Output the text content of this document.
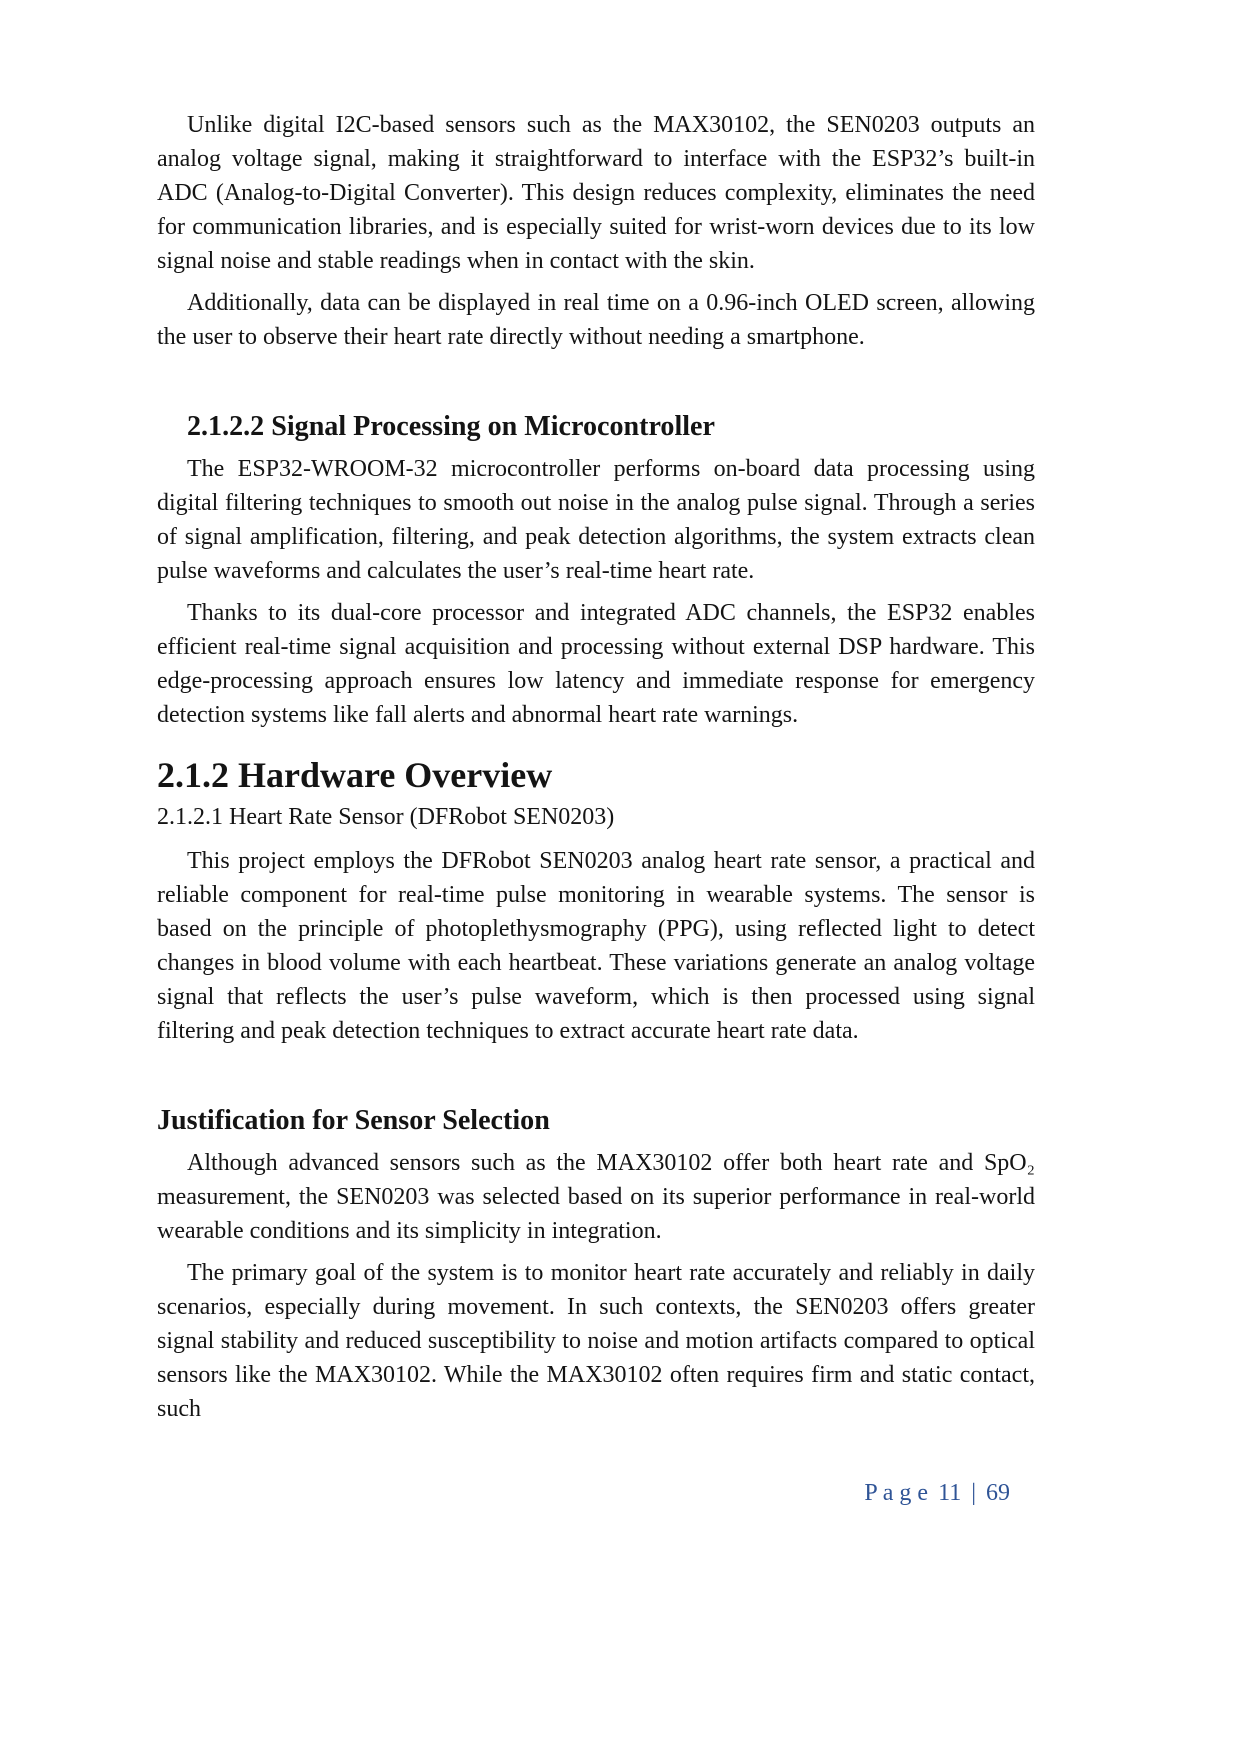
Unlike digital I2C-based sensors such as the MAX30102, the SEN0203 outputs an analog voltage signal, making it straightforward to interface with the ESP32’s built-in ADC (Analog-to-Digital Converter). This design reduces complexity, eliminates the need for communication libraries, and is especially suited for wrist-worn devices due to its low signal noise and stable readings when in contact with the skin.

Additionally, data can be displayed in real time on a 0.96-inch OLED screen, allowing the user to observe their heart rate directly without needing a smartphone.

2.1.2.2 Signal Processing on Microcontroller

The ESP32-WROOM-32 microcontroller performs on-board data processing using digital filtering techniques to smooth out noise in the analog pulse signal. Through a series of signal amplification, filtering, and peak detection algorithms, the system extracts clean pulse waveforms and calculates the user’s real-time heart rate.

Thanks to its dual-core processor and integrated ADC channels, the ESP32 enables efficient real-time signal acquisition and processing without external DSP hardware. This edge-processing approach ensures low latency and immediate response for emergency detection systems like fall alerts and abnormal heart rate warnings.

2.1.2 Hardware Overview
2.1.2.1 Heart Rate Sensor (DFRobot SEN0203)

This project employs the DFRobot SEN0203 analog heart rate sensor, a practical and reliable component for real-time pulse monitoring in wearable systems. The sensor is based on the principle of photoplethysmography (PPG), using reflected light to detect changes in blood volume with each heartbeat. These variations generate an analog voltage signal that reflects the user’s pulse waveform, which is then processed using signal filtering and peak detection techniques to extract accurate heart rate data.

Justification for Sensor Selection

Although advanced sensors such as the MAX30102 offer both heart rate and SpO₂ measurement, the SEN0203 was selected based on its superior performance in real-world wearable conditions and its simplicity in integration.

The primary goal of the system is to monitor heart rate accurately and reliably in daily scenarios, especially during movement. In such contexts, the SEN0203 offers greater signal stability and reduced susceptibility to noise and motion artifacts compared to optical sensors like the MAX30102. While the MAX30102 often requires firm and static contact, such

P a g e 11 | 69
